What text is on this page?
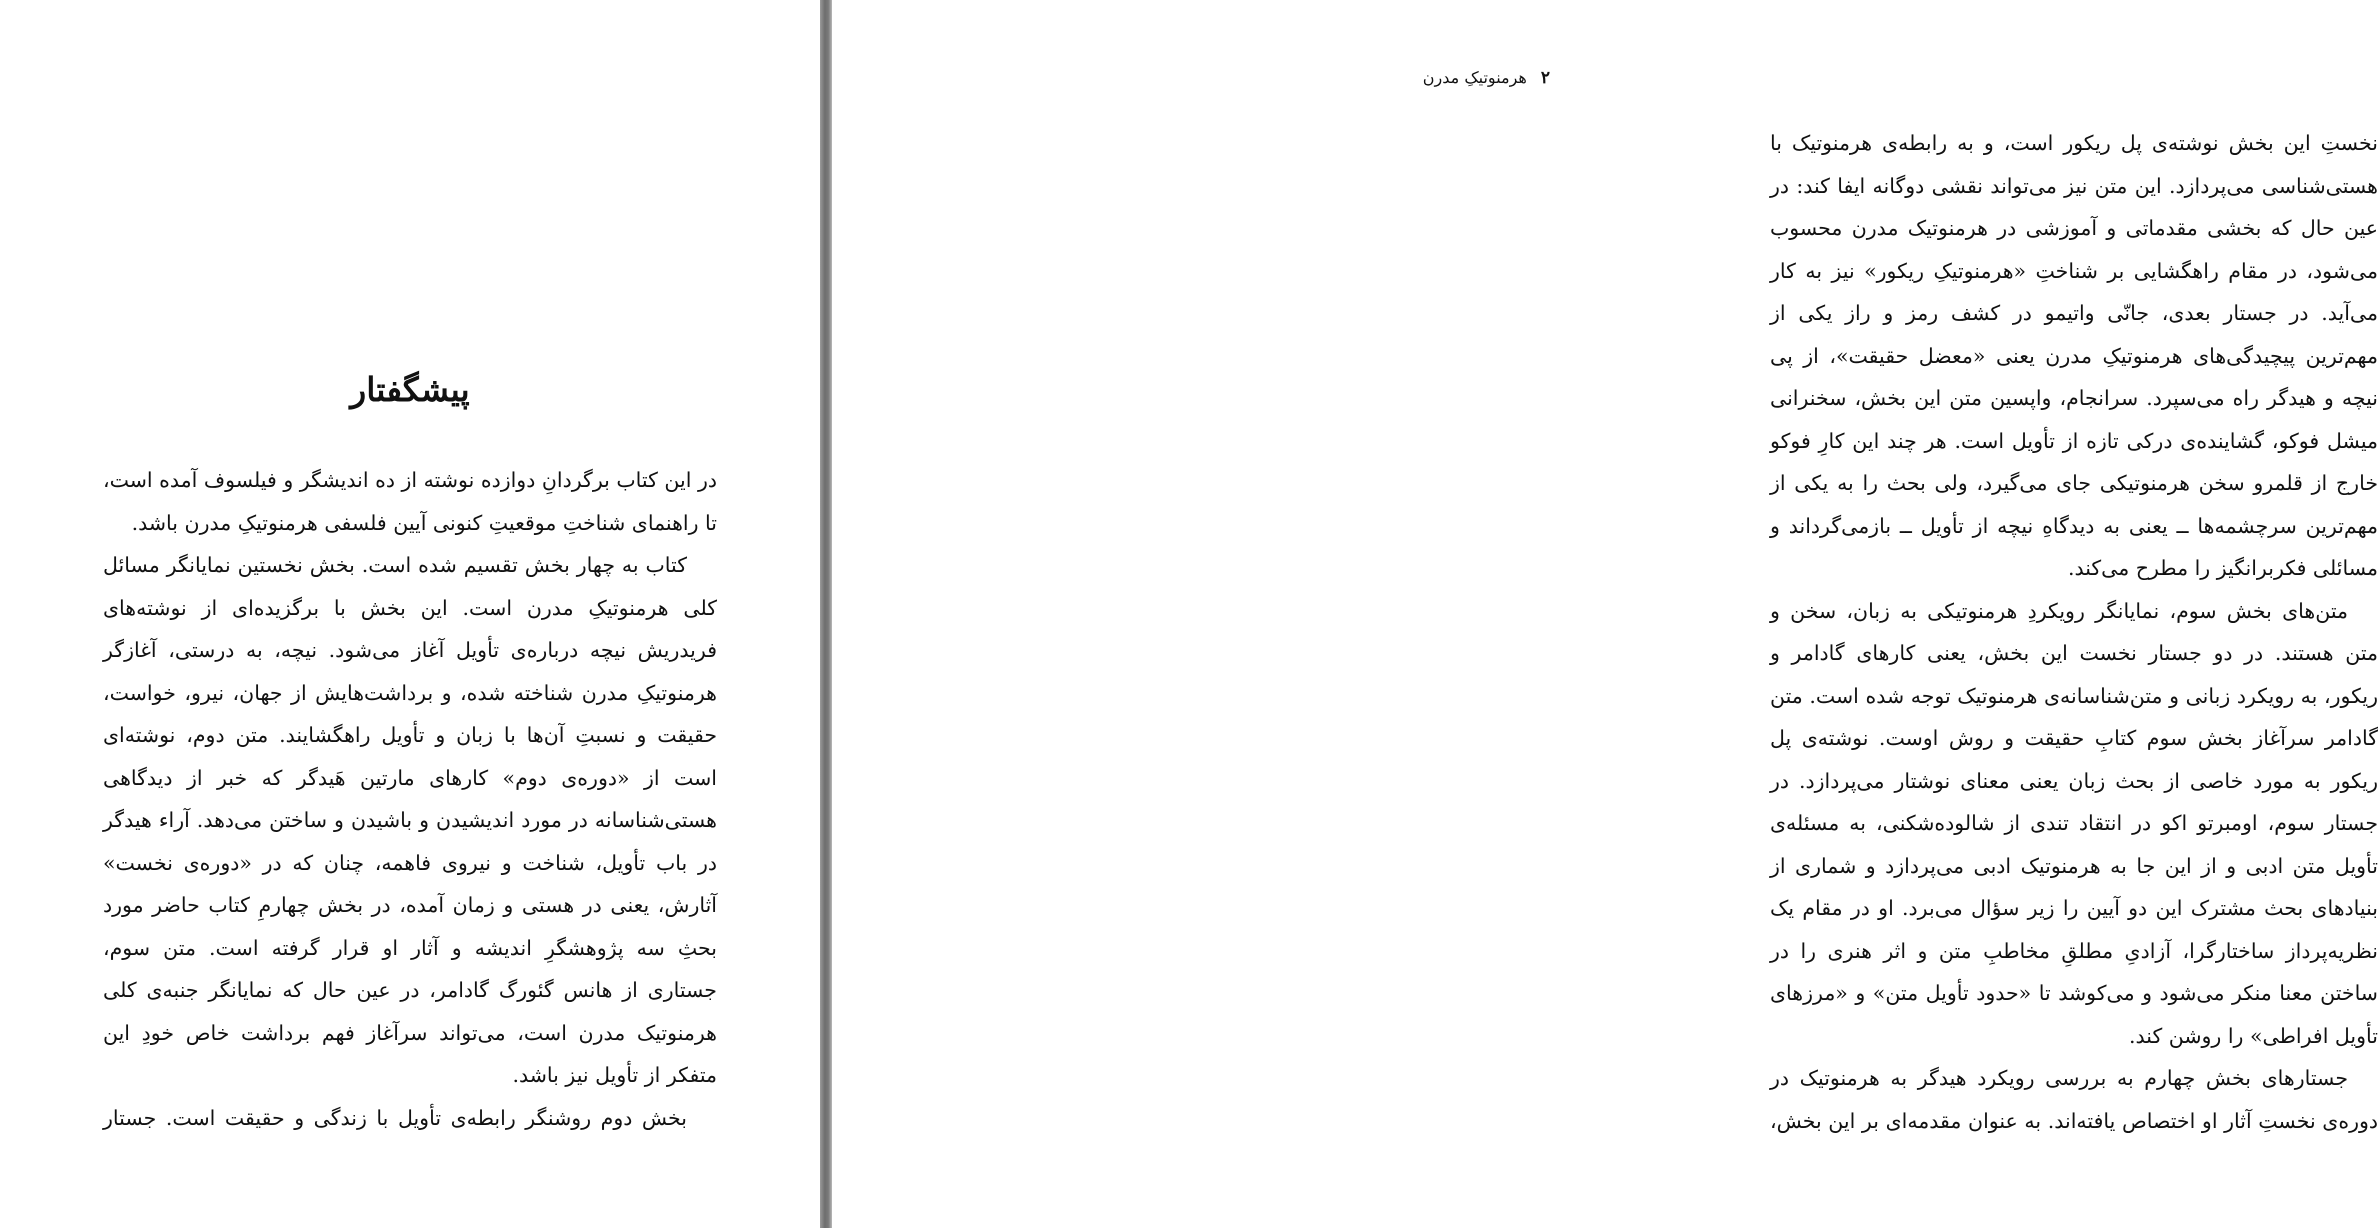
پیشگفتار

در این کتاب برگردانِ دوازده نوشته از ده اندیشگر و فیلسوف آمده است، تا راهنمای شناختِ موقعیتِ کنونی آیین فلسفی هرمنوتیکِ مدرن باشد.

کتاب به چهار بخش تقسیم شده است. بخش نخستین نمایانگر مسائل کلی هرمنوتیکِ مدرن است. این بخش با برگزیده‌ای از نوشته‌های فریدریش نیچه درباره‌ی تأویل آغاز می‌شود. نیچه، به درستی، آغازگر هرمنوتیکِ مدرن شناخته شده، و برداشت‌هایش از جهان، نیرو، خواست، حقیقت و نسبتِ آن‌ها با زبان و تأویل راهگشایند. متن دوم، نوشته‌ای است از «دوره‌ی دوم» کارهای مارتین هَیدگر که خبر از دیدگاهی هستی‌شناسانه در مورد اندیشیدن و باشیدن و ساختن می‌دهد. آراء هیدگر در باب تأویل، شناخت و نیروی فاهمه، چنان که در «دوره‌ی نخست» آثارش، یعنی در هستی و زمان آمده، در بخش چهارمِ کتاب حاضر مورد بحثِ سه پژوهشگرِ اندیشه و آثار او قرار گرفته است. متن سوم، جستاری از هانس گئورگ گادامر، در عین حال که نمایانگر جنبه‌ی کلی هرمنوتیک مدرن است، می‌تواند سرآغاز فهم برداشت خاص خودِ این متفکر از تأویل نیز باشد.

بخش دوم روشنگر رابطه‌ی تأویل با زندگی و حقیقت است. جستار

۲
هرمنوتیکِ مدرن

نخستِ این بخش نوشته‌ی پل ریکور است، و به رابطه‌ی هرمنوتیک با هستی‌شناسی می‌پردازد. این متن نیز می‌تواند نقشی دوگانه ایفا کند: در عین حال که بخشی مقدماتی و آموزشی در هرمنوتیک مدرن محسوب می‌شود، در مقام راهگشایی بر شناختِ «هرمنوتیکِ ریکور» نیز به کار می‌آید. در جستار بعدی، جانّی واتیمو در کشف رمز و راز یکی از مهم‌ترین پیچیدگی‌های هرمنوتیکِ مدرن یعنی «معضل حقیقت»، از پی نیچه و هیدگر راه می‌سپرد. سرانجام، واپسین متن این بخش، سخنرانی میشل فوکو، گشاینده‌ی درکی تازه از تأویل است. هر چند این کارِ فوکو خارج از قلمرو سخن هرمنوتیکی جای می‌گیرد، ولی بحث را به یکی از مهم‌ترین سرچشمه‌ها ــ یعنی به دیدگاهِ نیچه از تأویل ــ بازمی‌گرداند و مسائلی فکربرانگیز را مطرح می‌کند.

متن‌های بخش سوم، نمایانگر رویکردِ هرمنوتیکی به زبان، سخن و متن هستند. در دو جستار نخست این بخش، یعنی کارهای گادامر و ریکور، به رویکرد زبانی و متن‌شناسانه‌ی هرمنوتیک توجه شده است. متن گادامر سرآغاز بخش سوم کتابِ حقیقت و روش اوست. نوشته‌ی پل ریکور به مورد خاصی از بحث زبان یعنی معنای نوشتار می‌پردازد. در جستار سوم، اومبرتو اکو در انتقاد تندی از شالوده‌شکنی، به مسئله‌ی تأویل متن ادبی و از این جا به هرمنوتیک ادبی می‌پردازد و شماری از بنیادهای بحث مشترک این دو آیین را زیر سؤال می‌برد. او در مقام یک نظریه‌پرداز ساختارگرا، آزادیِ مطلقِ مخاطبِ متن و اثر هنری را در ساختن معنا منکر می‌شود و می‌کوشد تا «حدود تأویل متن» و «مرزهای تأویل افراطی» را روشن کند.

جستارهای بخش چهارم به بررسی رویکرد هیدگر به هرمنوتیک در دوره‌ی نخستِ آثار او اختصاص یافته‌اند. به عنوان مقدمه‌ای بر این بخش،
